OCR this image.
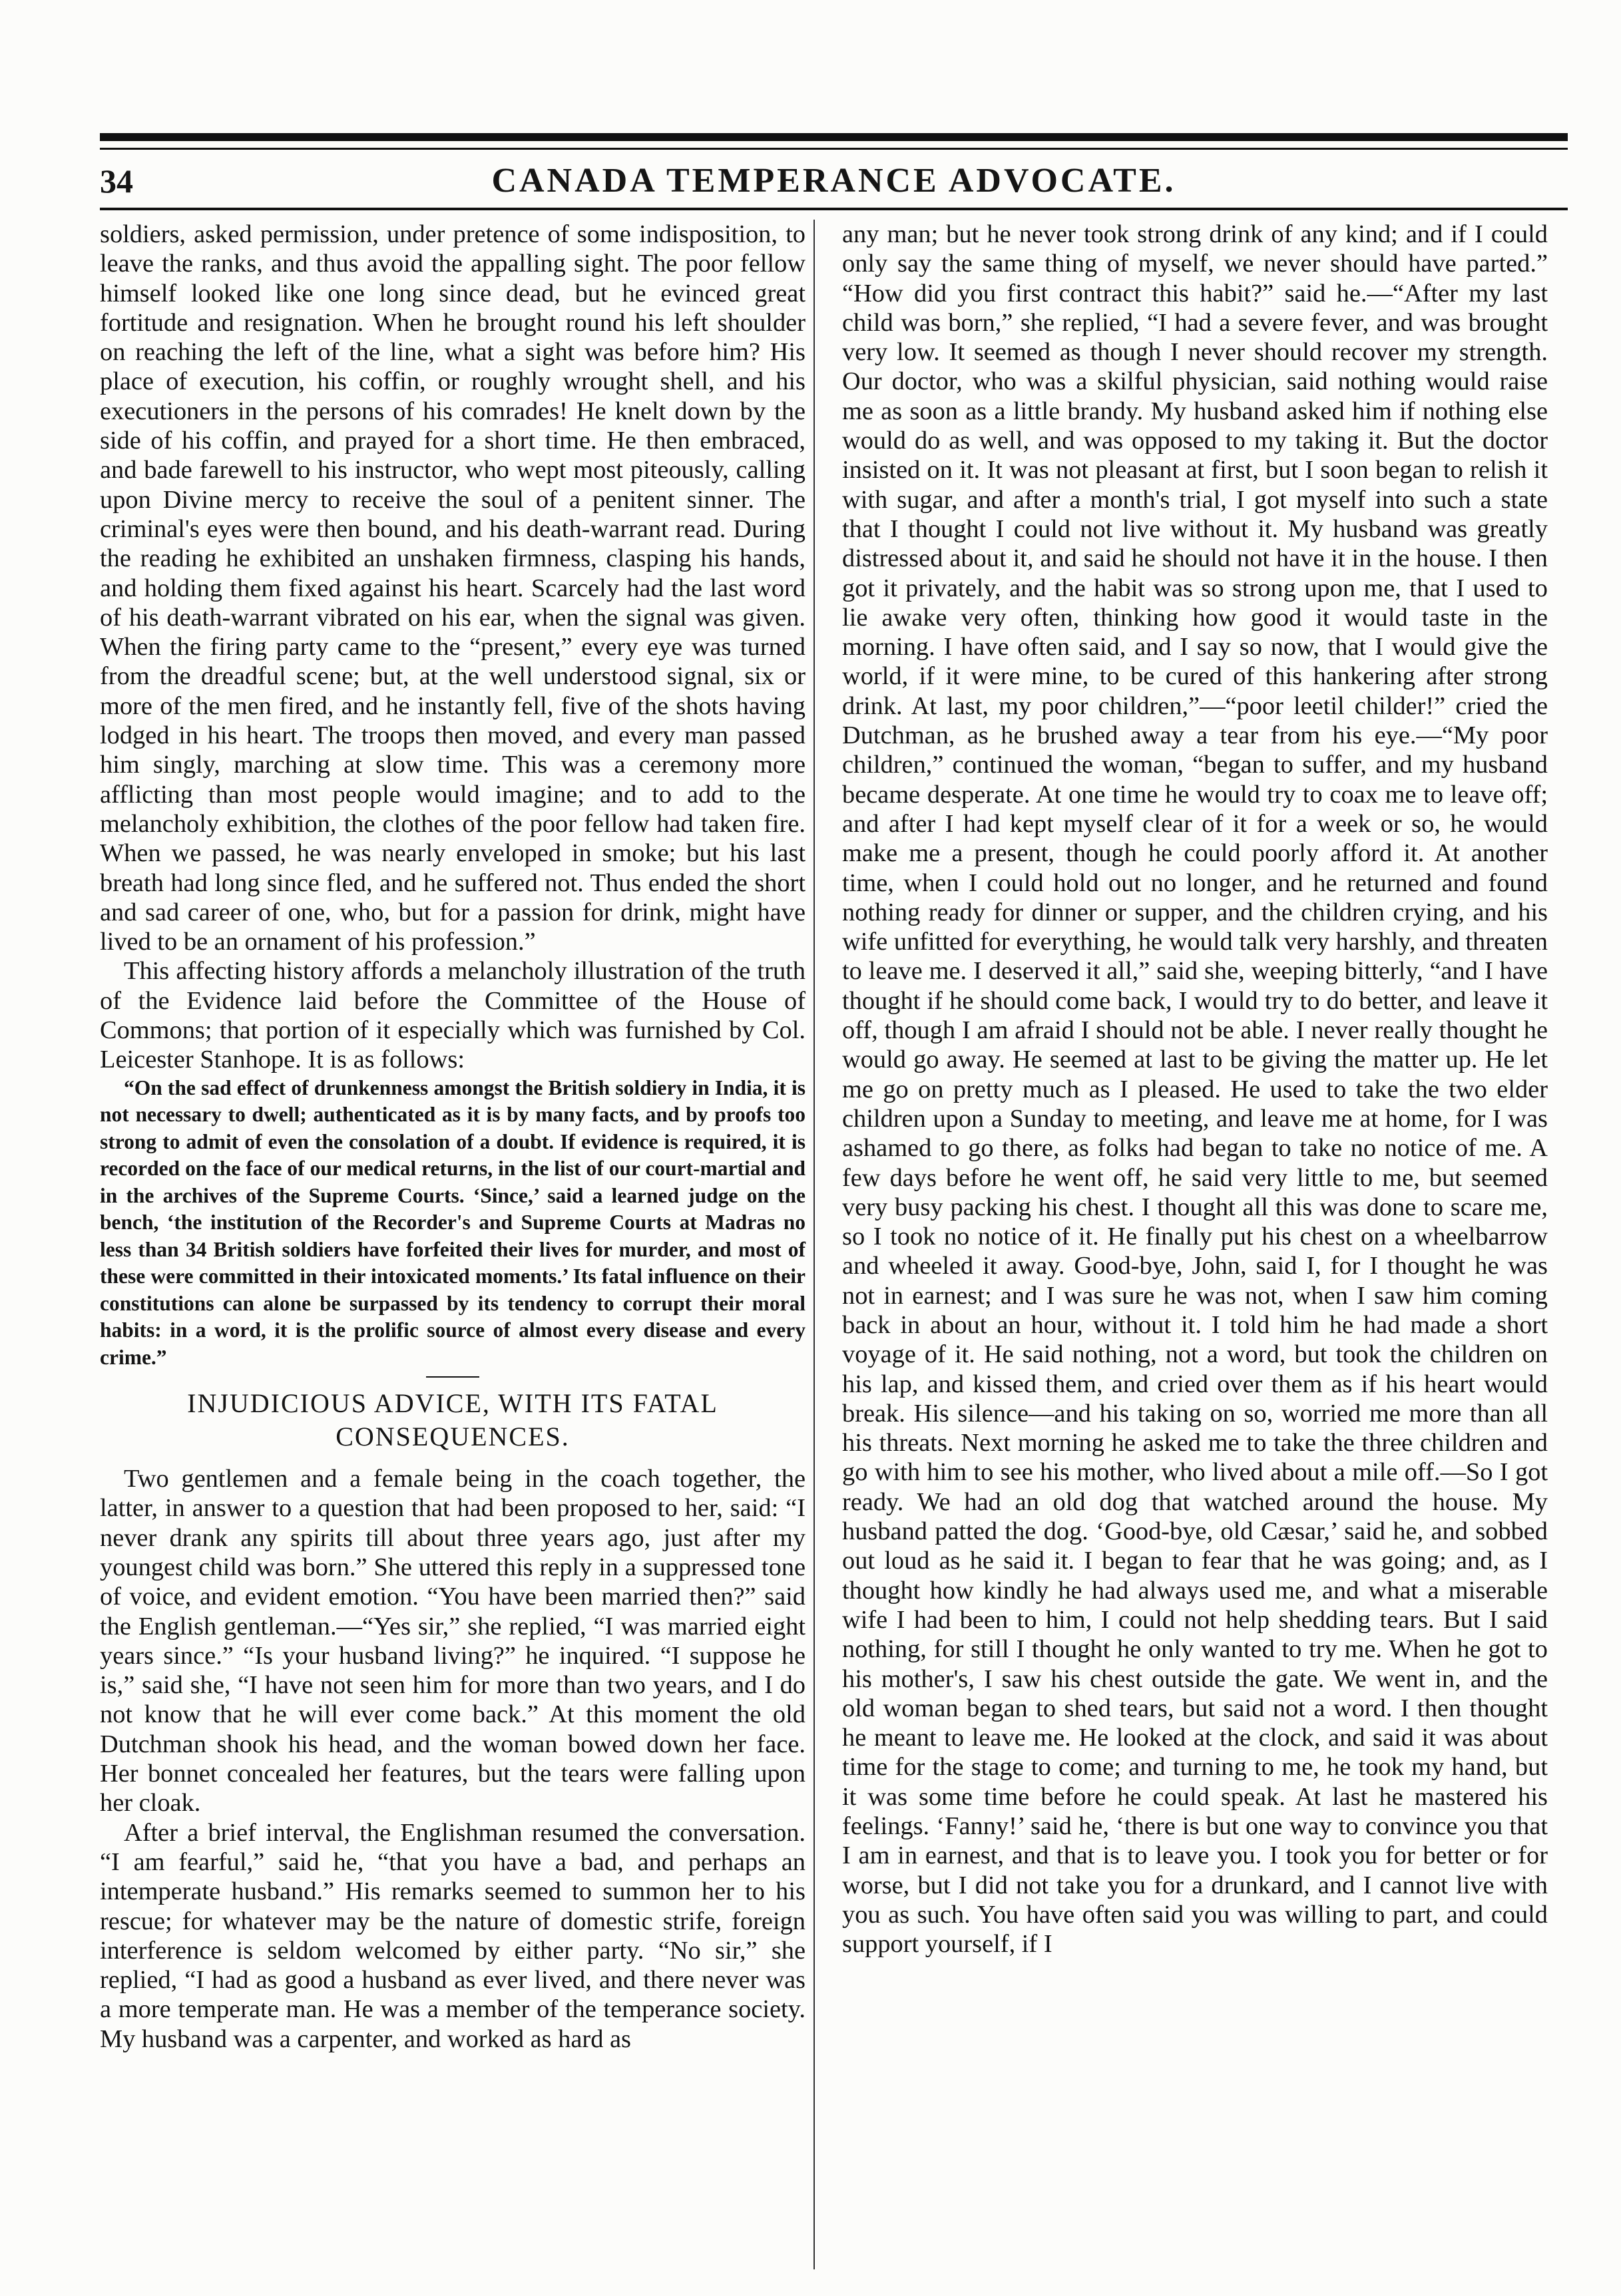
34	CANADA TEMPERANCE ADVOCATE.

soldiers, asked permission, under pretence of some indisposition, to leave the ranks, and thus avoid the appalling sight. The poor fellow himself looked like one long since dead, but he evinced great fortitude and resignation. When he brought round his left shoulder on reaching the left of the line, what a sight was before him? His place of execution, his coffin, or roughly wrought shell, and his executioners in the persons of his comrades! He knelt down by the side of his coffin, and prayed for a short time. He then embraced, and bade farewell to his instructor, who wept most piteously, calling upon Divine mercy to receive the soul of a penitent sinner. The criminal's eyes were then bound, and his death-warrant read. During the reading he exhibited an unshaken firmness, clasping his hands, and holding them fixed against his heart. Scarcely had the last word of his death-warrant vibrated on his ear, when the signal was given. When the firing party came to the “present,” every eye was turned from the dreadful scene; but, at the well understood signal, six or more of the men fired, and he instantly fell, five of the shots having lodged in his heart. The troops then moved, and every man passed him singly, marching at slow time. This was a ceremony more afflicting than most people would imagine; and to add to the melancholy exhibition, the clothes of the poor fellow had taken fire. When we passed, he was nearly enveloped in smoke; but his last breath had long since fled, and he suffered not. Thus ended the short and sad career of one, who, but for a passion for drink, might have lived to be an ornament of his profession.”

This affecting history affords a melancholy illustration of the truth of the Evidence laid before the Committee of the House of Commons; that portion of it especially which was furnished by Col. Leicester Stanhope. It is as follows:

“On the sad effect of drunkenness amongst the British soldiery in India, it is not necessary to dwell; authenticated as it is by many facts, and by proofs too strong to admit of even the consolation of a doubt. If evidence is required, it is recorded on the face of our medical returns, in the list of our court-martial and in the archives of the Supreme Courts. ‘Since,’ said a learned judge on the bench, ‘the institution of the Recorder's and Supreme Courts at Madras no less than 34 British soldiers have forfeited their lives for murder, and most of these were committed in their intoxicated moments.’ Its fatal influence on their constitutions can alone be surpassed by its tendency to corrupt their moral habits: in a word, it is the prolific source of almost every disease and every crime.”

INJUDICIOUS ADVICE, WITH ITS FATAL
CONSEQUENCES.

Two gentlemen and a female being in the coach together, the latter, in answer to a question that had been proposed to her, said: “I never drank any spirits till about three years ago, just after my youngest child was born.” She uttered this reply in a suppressed tone of voice, and evident emotion. “You have been married then?” said the English gentleman.—“Yes sir,” she replied, “I was married eight years since.” “Is your husband living?” he inquired. “I suppose he is,” said she, “I have not seen him for more than two years, and I do not know that he will ever come back.” At this moment the old Dutchman shook his head, and the woman bowed down her face. Her bonnet concealed her features, but the tears were falling upon her cloak.

After a brief interval, the Englishman resumed the conversation. “I am fearful,” said he, “that you have a bad, and perhaps an intemperate husband.” His remarks seemed to summon her to his rescue; for whatever may be the nature of domestic strife, foreign interference is seldom welcomed by either party. “No sir,” she replied, “I had as good a husband as ever lived, and there never was a more temperate man. He was a member of the temperance society. My husband was a carpenter, and worked as hard as

any man; but he never took strong drink of any kind; and if I could only say the same thing of myself, we never should have parted.” “How did you first contract this habit?” said he.—“After my last child was born,” she replied, “I had a severe fever, and was brought very low. It seemed as though I never should recover my strength. Our doctor, who was a skilful physician, said nothing would raise me as soon as a little brandy. My husband asked him if nothing else would do as well, and was opposed to my taking it. But the doctor insisted on it. It was not pleasant at first, but I soon began to relish it with sugar, and after a month's trial, I got myself into such a state that I thought I could not live without it. My husband was greatly distressed about it, and said he should not have it in the house. I then got it privately, and the habit was so strong upon me, that I used to lie awake very often, thinking how good it would taste in the morning. I have often said, and I say so now, that I would give the world, if it were mine, to be cured of this hankering after strong drink. At last, my poor children,”—“poor leetil childer!” cried the Dutchman, as he brushed away a tear from his eye.—“My poor children,” continued the woman, “began to suffer, and my husband became desperate. At one time he would try to coax me to leave off; and after I had kept myself clear of it for a week or so, he would make me a present, though he could poorly afford it. At another time, when I could hold out no longer, and he returned and found nothing ready for dinner or supper, and the children crying, and his wife unfitted for everything, he would talk very harshly, and threaten to leave me. I deserved it all,” said she, weeping bitterly, “and I have thought if he should come back, I would try to do better, and leave it off, though I am afraid I should not be able. I never really thought he would go away. He seemed at last to be giving the matter up. He let me go on pretty much as I pleased. He used to take the two elder children upon a Sunday to meeting, and leave me at home, for I was ashamed to go there, as folks had began to take no notice of me. A few days before he went off, he said very little to me, but seemed very busy packing his chest. I thought all this was done to scare me, so I took no notice of it. He finally put his chest on a wheelbarrow and wheeled it away. Good-bye, John, said I, for I thought he was not in earnest; and I was sure he was not, when I saw him coming back in about an hour, without it. I told him he had made a short voyage of it. He said nothing, not a word, but took the children on his lap, and kissed them, and cried over them as if his heart would break. His silence—and his taking on so, worried me more than all his threats. Next morning he asked me to take the three children and go with him to see his mother, who lived about a mile off.—So I got ready. We had an old dog that watched around the house. My husband patted the dog. ‘Good-bye, old Cæsar,’ said he, and sobbed out loud as he said it. I began to fear that he was going; and, as I thought how kindly he had always used me, and what a miserable wife I had been to him, I could not help shedding tears. But I said nothing, for still I thought he only wanted to try me. When he got to his mother's, I saw his chest outside the gate. We went in, and the old woman began to shed tears, but said not a word. I then thought he meant to leave me. He looked at the clock, and said it was about time for the stage to come; and turning to me, he took my hand, but it was some time before he could speak. At last he mastered his feelings. ‘Fanny!’ said he, ‘there is but one way to convince you that I am in earnest, and that is to leave you. I took you for better or for worse, but I did not take you for a drunkard, and I cannot live with you as such. You have often said you was willing to part, and could support yourself, if I
